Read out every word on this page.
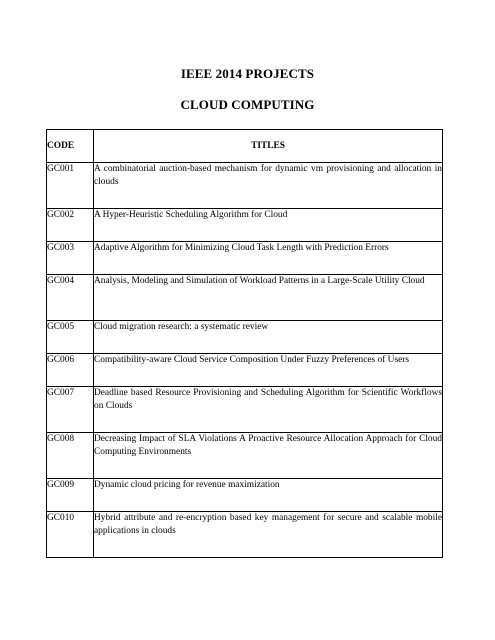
IEEE 2014 PROJECTS
CLOUD COMPUTING
CODE	TITLES
GC001	A combinatorial auction-based mechanism for dynamic vm provisioning and allocation in clouds
GC002	A Hyper-Heuristic Scheduling Algorithm for Cloud
GC003	Adaptive Algorithm for Minimizing Cloud Task Length with Prediction Errors
GC004	Analysis, Modeling and Simulation of Workload Patterns in a Large-Scale Utility Cloud
GC005	Cloud migration research: a systematic review
GC006	Compatibility-aware Cloud Service Composition Under Fuzzy Preferences of Users
GC007	Deadline based Resource Provisioning and Scheduling Algorithm for Scientific Workflows on Clouds
GC008	Decreasing Impact of SLA Violations A Proactive Resource Allocation Approach for Cloud Computing Environments
GC009	Dynamic cloud pricing for revenue maximization
GC010	Hybrid attribute and re-encryption based key management for secure and scalable mobile applications in clouds
